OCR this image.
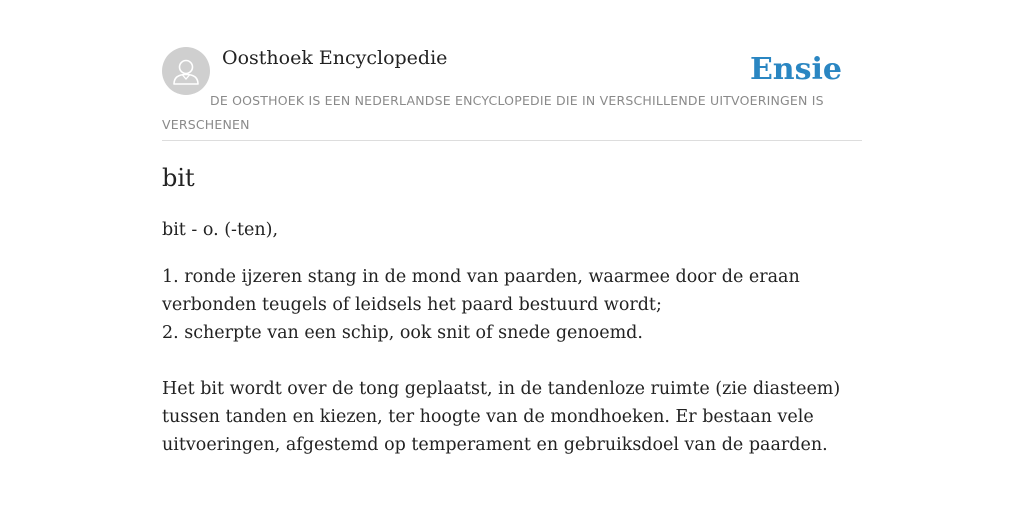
Oosthoek Encyclopedie	Ensie
DE OOSTHOEK IS EEN NEDERLANDSE ENCYCLOPEDIE DIE IN VERSCHILLENDE UITVOERINGEN IS VERSCHENEN
bit

bit - o. (-ten),

1. ronde ijzeren stang in de mond van paarden, waarmee door de eraan
verbonden teugels of leidsels het paard bestuurd wordt;
2. scherpte van een schip, ook snit of snede genoemd.

Het bit wordt over de tong geplaatst, in de tandenloze ruimte (zie diasteem)
tussen tanden en kiezen, ter hoogte van de mondhoeken. Er bestaan vele
uitvoeringen, afgestemd op temperament en gebruiksdoel van de paarden.
